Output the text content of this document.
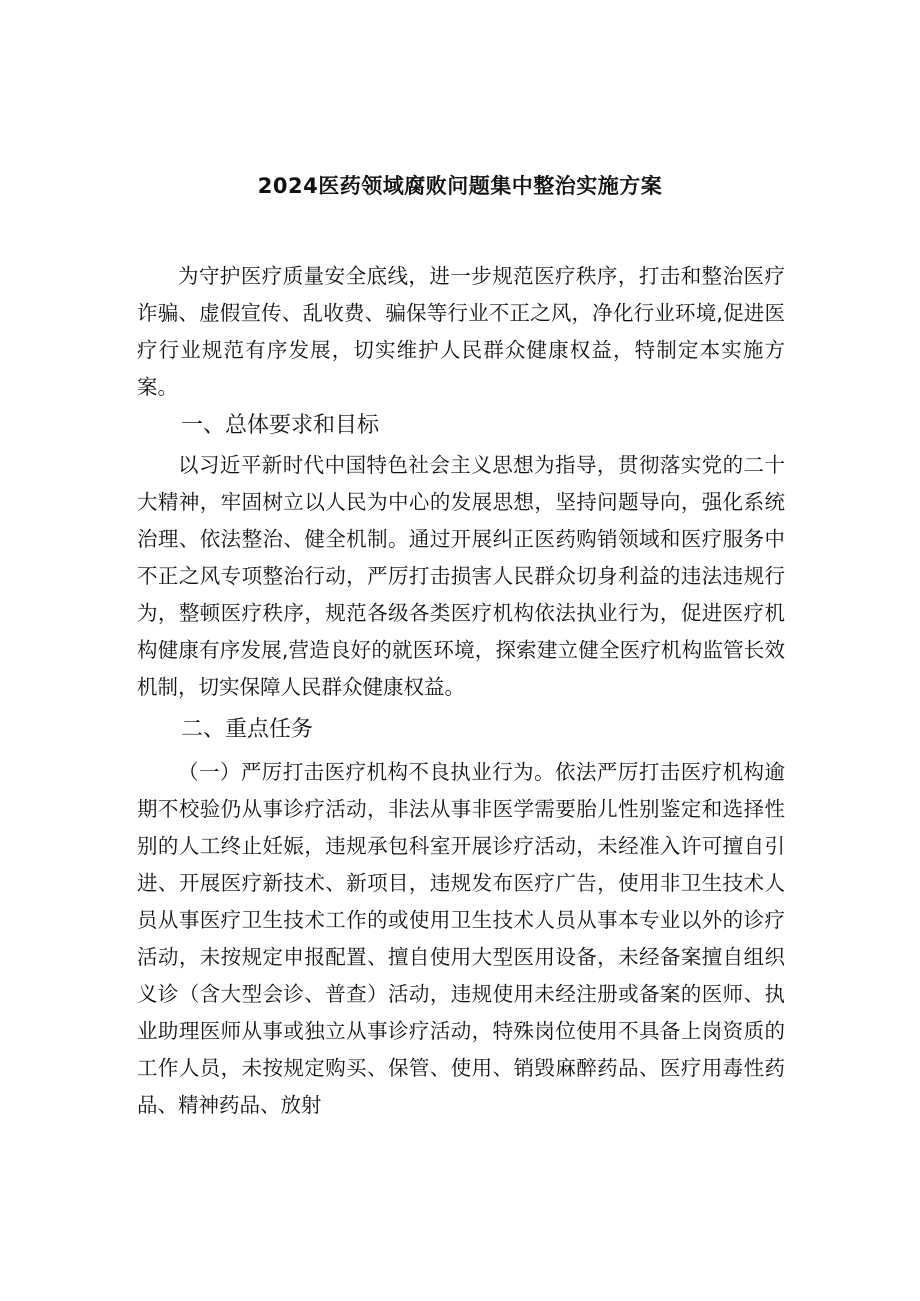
2024医药领域腐败问题集中整治实施方案

为守护医疗质量安全底线，进一步规范医疗秩序，打击和整治医疗诈骗、虚假宣传、乱收费、骗保等行业不正之风，净化行业环境,促进医疗行业规范有序发展，切实维护人民群众健康权益，特制定本实施方案。

一、总体要求和目标

以习近平新时代中国特色社会主义思想为指导，贯彻落实党的二十大精神，牢固树立以人民为中心的发展思想，坚持问题导向，强化系统治理、依法整治、健全机制。通过开展纠正医药购销领域和医疗服务中不正之风专项整治行动，严厉打击损害人民群众切身利益的违法违规行为，整顿医疗秩序，规范各级各类医疗机构依法执业行为，促进医疗机构健康有序发展,营造良好的就医环境，探索建立健全医疗机构监管长效机制，切实保障人民群众健康权益。

二、重点任务

（一）严厉打击医疗机构不良执业行为。依法严厉打击医疗机构逾期不校验仍从事诊疗活动，非法从事非医学需要胎儿性别鉴定和选择性别的人工终止妊娠，违规承包科室开展诊疗活动，未经准入许可擅自引进、开展医疗新技术、新项目，违规发布医疗广告，使用非卫生技术人员从事医疗卫生技术工作的或使用卫生技术人员从事本专业以外的诊疗活动，未按规定申报配置、擅自使用大型医用设备，未经备案擅自组织义诊（含大型会诊、普查）活动，违规使用未经注册或备案的医师、执业助理医师从事或独立从事诊疗活动，特殊岗位使用不具备上岗资质的工作人员，未按规定购买、保管、使用、销毁麻醉药品、医疗用毒性药品、精神药品、放射
